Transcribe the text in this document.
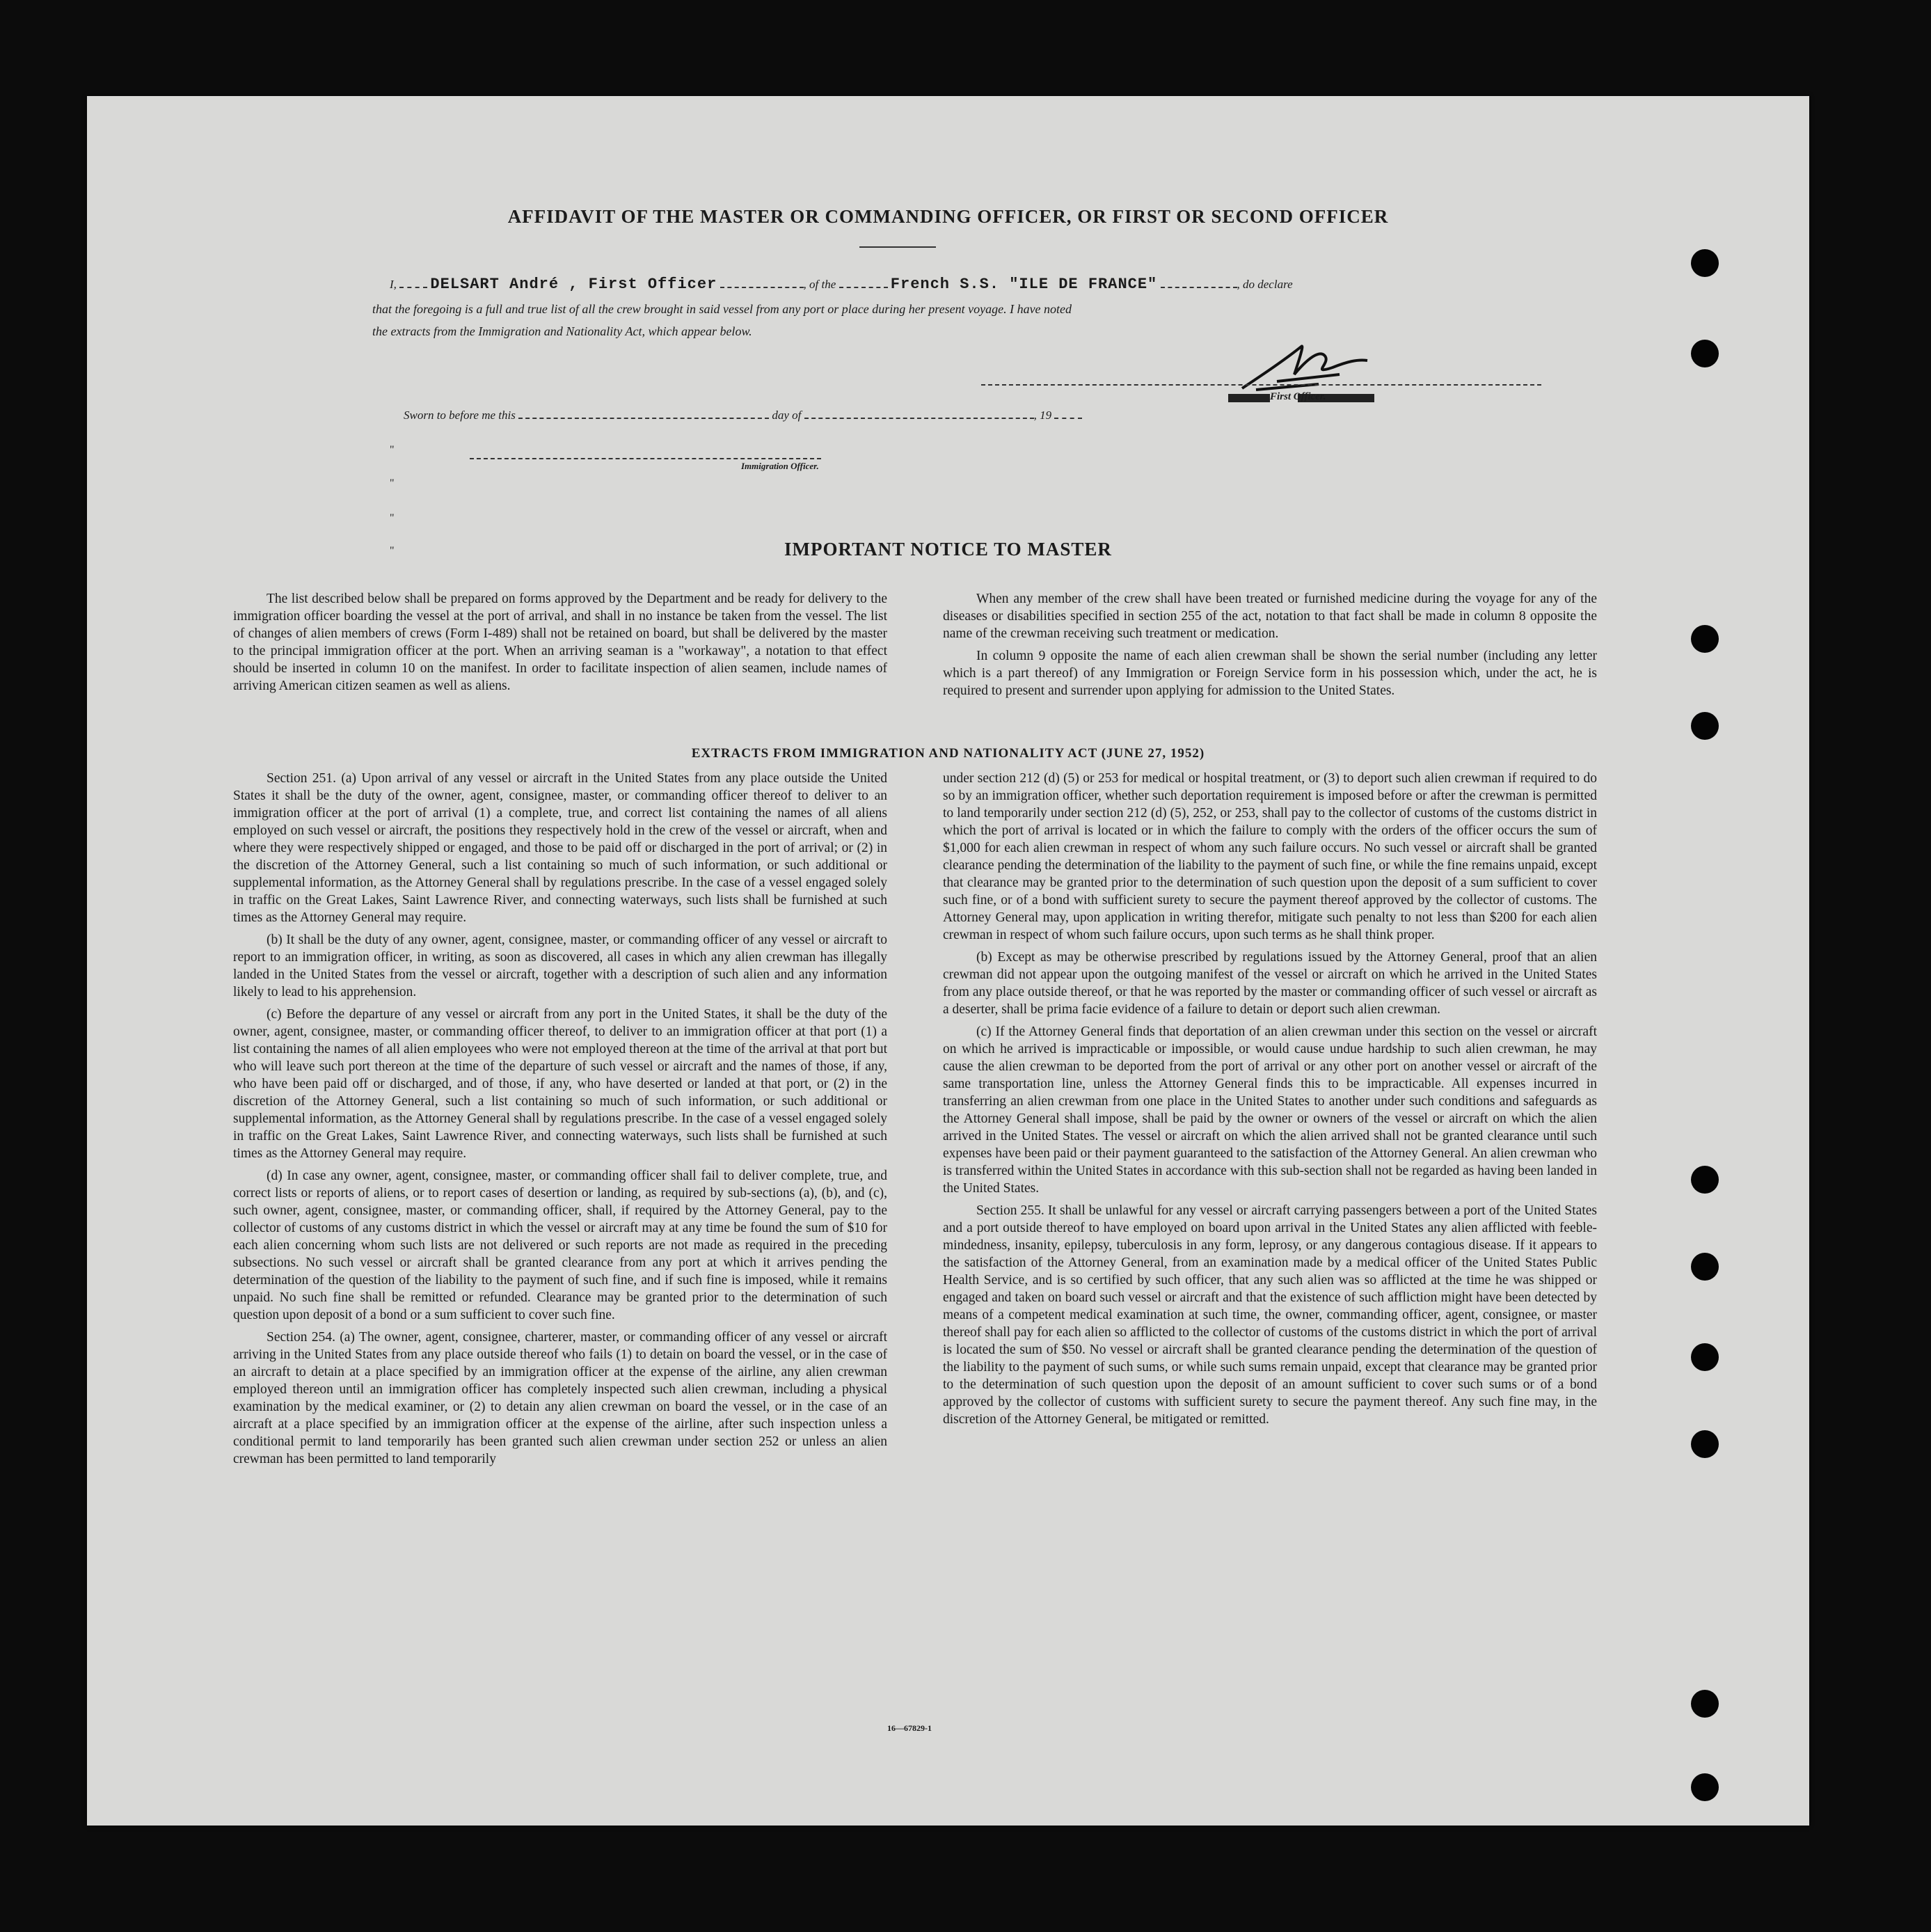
AFFIDAVIT OF THE MASTER OR COMMANDING OFFICER, OR FIRST OR SECOND OFFICER
I, DELSART André , First Officer	, of the	French S.S. "ILE DE FRANCE"	, do declare
that the foregoing is a full and true list of all the crew brought in said vessel from any port or place during her present voyage. I have noted
the extracts from the Immigration and Nationality Act, which appear below.
First Officer.
Sworn to before me this	day of	, 19
Immigration Officer.
"
"
"
"	IMPORTANT NOTICE TO MASTER

The list described below shall be prepared on forms approved by the Department and be ready for delivery to the immigration officer boarding the vessel at the port of arrival, and shall in no instance be taken from the vessel. The list of changes of alien members of crews (Form I-489) shall not be retained on board, but shall be delivered by the master to the principal immigration officer at the port. When an arriving seaman is a "workaway", a notation to that effect should be inserted in column 10 on the manifest. In order to facilitate inspection of alien seamen, include names of arriving American citizen seamen as well as aliens.

When any member of the crew shall have been treated or furnished medicine during the voyage for any of the diseases or disabilities specified in section 255 of the act, notation to that fact shall be made in column 8 opposite the name of the crewman receiving such treatment or medication.

In column 9 opposite the name of each alien crewman shall be shown the serial number (including any letter which is a part thereof) of any Immigration or Foreign Service form in his possession which, under the act, he is required to present and surrender upon applying for admission to the United States.

EXTRACTS FROM IMMIGRATION AND NATIONALITY ACT (JUNE 27, 1952)

Section 251. (a) Upon arrival of any vessel or aircraft in the United States from any place outside the United States it shall be the duty of the owner, agent, consignee, master, or commanding officer thereof to deliver to an immigration officer at the port of arrival (1) a complete, true, and correct list containing the names of all aliens employed on such vessel or aircraft, the positions they respectively hold in the crew of the vessel or aircraft, when and where they were respectively shipped or engaged, and those to be paid off or discharged in the port of arrival; or (2) in the discretion of the Attorney General, such a list containing so much of such information, or such additional or supplemental information, as the Attorney General shall by regulations prescribe. In the case of a vessel engaged solely in traffic on the Great Lakes, Saint Lawrence River, and connecting waterways, such lists shall be furnished at such times as the Attorney General may require.

(b) It shall be the duty of any owner, agent, consignee, master, or commanding officer of any vessel or aircraft to report to an immigration officer, in writing, as soon as discovered, all cases in which any alien crewman has illegally landed in the United States from the vessel or aircraft, together with a description of such alien and any information likely to lead to his apprehension.

(c) Before the departure of any vessel or aircraft from any port in the United States, it shall be the duty of the owner, agent, consignee, master, or commanding officer thereof, to deliver to an immigration officer at that port (1) a list containing the names of all alien employees who were not employed thereon at the time of the arrival at that port but who will leave such port thereon at the time of the departure of such vessel or aircraft and the names of those, if any, who have been paid off or discharged, and of those, if any, who have deserted or landed at that port, or (2) in the discretion of the Attorney General, such a list containing so much of such information, or such additional or supplemental information, as the Attorney General shall by regulations prescribe. In the case of a vessel engaged solely in traffic on the Great Lakes, Saint Lawrence River, and connecting waterways, such lists shall be furnished at such times as the Attorney General may require.

(d) In case any owner, agent, consignee, master, or commanding officer shall fail to deliver complete, true, and correct lists or reports of aliens, or to report cases of desertion or landing, as required by sub-sections (a), (b), and (c), such owner, agent, consignee, master, or commanding officer, shall, if required by the Attorney General, pay to the collector of customs of any customs district in which the vessel or aircraft may at any time be found the sum of $10 for each alien concerning whom such lists are not delivered or such reports are not made as required in the preceding subsections. No such vessel or aircraft shall be granted clearance from any port at which it arrives pending the determination of the question of the liability to the payment of such fine, and if such fine is imposed, while it remains unpaid. No such fine shall be remitted or refunded. Clearance may be granted prior to the determination of such question upon deposit of a bond or a sum sufficient to cover such fine.

Section 254. (a) The owner, agent, consignee, charterer, master, or commanding officer of any vessel or aircraft arriving in the United States from any place outside thereof who fails (1) to detain on board the vessel, or in the case of an aircraft to detain at a place specified by an immigration officer at the expense of the airline, any alien crewman employed thereon until an immigration officer has completely inspected such alien crewman, including a physical examination by the medical examiner, or (2) to detain any alien crewman on board the vessel, or in the case of an aircraft at a place specified by an immigration officer at the expense of the airline, after such inspection unless a conditional permit to land temporarily has been granted such alien crewman under section 252 or unless an alien crewman has been permitted to land temporarily

under section 212 (d) (5) or 253 for medical or hospital treatment, or (3) to deport such alien crewman if required to do so by an immigration officer, whether such deportation requirement is imposed before or after the crewman is permitted to land temporarily under section 212 (d) (5), 252, or 253, shall pay to the collector of customs of the customs district in which the port of arrival is located or in which the failure to comply with the orders of the officer occurs the sum of $1,000 for each alien crewman in respect of whom any such failure occurs. No such vessel or aircraft shall be granted clearance pending the determination of the liability to the payment of such fine, or while the fine remains unpaid, except that clearance may be granted prior to the determination of such question upon the deposit of a sum sufficient to cover such fine, or of a bond with sufficient surety to secure the payment thereof approved by the collector of customs. The Attorney General may, upon application in writing therefor, mitigate such penalty to not less than $200 for each alien crewman in respect of whom such failure occurs, upon such terms as he shall think proper.

(b) Except as may be otherwise prescribed by regulations issued by the Attorney General, proof that an alien crewman did not appear upon the outgoing manifest of the vessel or aircraft on which he arrived in the United States from any place outside thereof, or that he was reported by the master or commanding officer of such vessel or aircraft as a deserter, shall be prima facie evidence of a failure to detain or deport such alien crewman.

(c) If the Attorney General finds that deportation of an alien crewman under this section on the vessel or aircraft on which he arrived is impracticable or impossible, or would cause undue hardship to such alien crewman, he may cause the alien crewman to be deported from the port of arrival or any other port on another vessel or aircraft of the same transportation line, unless the Attorney General finds this to be impracticable. All expenses incurred in transferring an alien crewman from one place in the United States to another under such conditions and safeguards as the Attorney General shall impose, shall be paid by the owner or owners of the vessel or aircraft on which the alien arrived in the United States. The vessel or aircraft on which the alien arrived shall not be granted clearance until such expenses have been paid or their payment guaranteed to the satisfaction of the Attorney General. An alien crewman who is transferred within the United States in accordance with this sub-section shall not be regarded as having been landed in the United States.

Section 255. It shall be unlawful for any vessel or aircraft carrying passengers between a port of the United States and a port outside thereof to have employed on board upon arrival in the United States any alien afflicted with feeble-mindedness, insanity, epilepsy, tuberculosis in any form, leprosy, or any dangerous contagious disease. If it appears to the satisfaction of the Attorney General, from an examination made by a medical officer of the United States Public Health Service, and is so certified by such officer, that any such alien was so afflicted at the time he was shipped or engaged and taken on board such vessel or aircraft and that the existence of such affliction might have been detected by means of a competent medical examination at such time, the owner, commanding officer, agent, consignee, or master thereof shall pay for each alien so afflicted to the collector of customs of the customs district in which the port of arrival is located the sum of $50. No vessel or aircraft shall be granted clearance pending the determination of the question of the liability to the payment of such sums, or while such sums remain unpaid, except that clearance may be granted prior to the determination of such question upon the deposit of an amount sufficient to cover such sums or of a bond approved by the collector of customs with sufficient surety to secure the payment thereof. Any such fine may, in the discretion of the Attorney General, be mitigated or remitted.

16—67829-1
